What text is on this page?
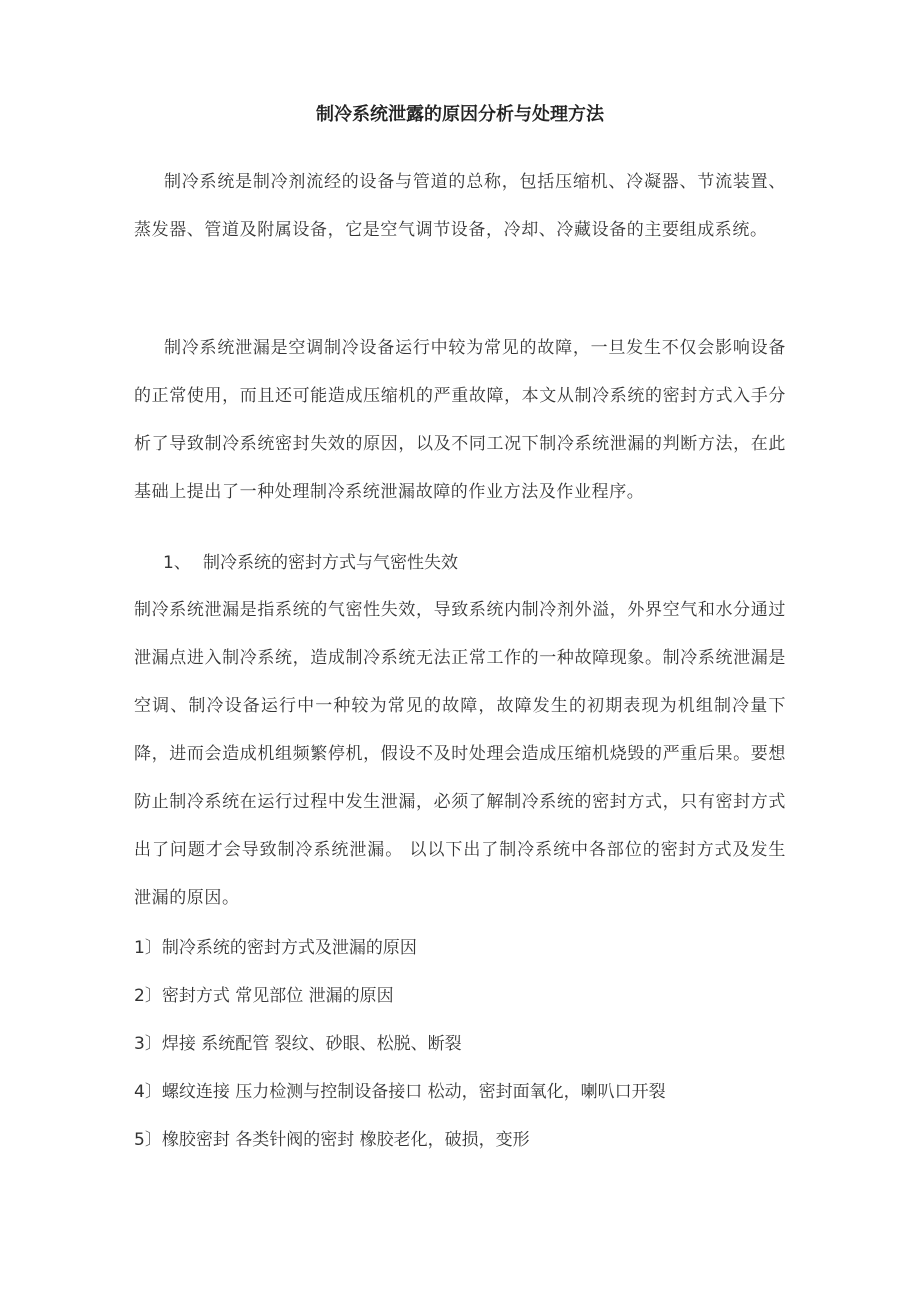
制冷系统泄露的原因分析与处理方法

制冷系统是制冷剂流经的设备与管道的总称，包括压缩机、冷凝器、节流装置、蒸发器、管道及附属设备，它是空气调节设备，冷却、冷藏设备的主要组成系统。

制冷系统泄漏是空调制冷设备运行中较为常见的故障，一旦发生不仅会影响设备的正常使用，而且还可能造成压缩机的严重故障，本文从制冷系统的密封方式入手分析了导致制冷系统密封失效的原因，以及不同工况下制冷系统泄漏的判断方法，在此基础上提出了一种处理制冷系统泄漏故障的作业方法及作业程序。

1、 制冷系统的密封方式与气密性失效

制冷系统泄漏是指系统的气密性失效，导致系统内制冷剂外溢，外界空气和水分通过泄漏点进入制冷系统，造成制冷系统无法正常工作的一种故障现象。制冷系统泄漏是空调、制冷设备运行中一种较为常见的故障，故障发生的初期表现为机组制冷量下降，进而会造成机组频繁停机，假设不及时处理会造成压缩机烧毁的严重后果。要想防止制冷系统在运行过程中发生泄漏，必须了解制冷系统的密封方式，只有密封方式出了问题才会导致制冷系统泄漏。 以以下出了制冷系统中各部位的密封方式及发生泄漏的原因。

1〕制冷系统的密封方式及泄漏的原因

2〕密封方式 常见部位 泄漏的原因

3〕焊接 系统配管 裂纹、砂眼、松脱、断裂

4〕螺纹连接 压力检测与控制设备接口 松动，密封面氧化，喇叭口开裂

5〕橡胶密封 各类针阀的密封 橡胶老化，破损，变形
